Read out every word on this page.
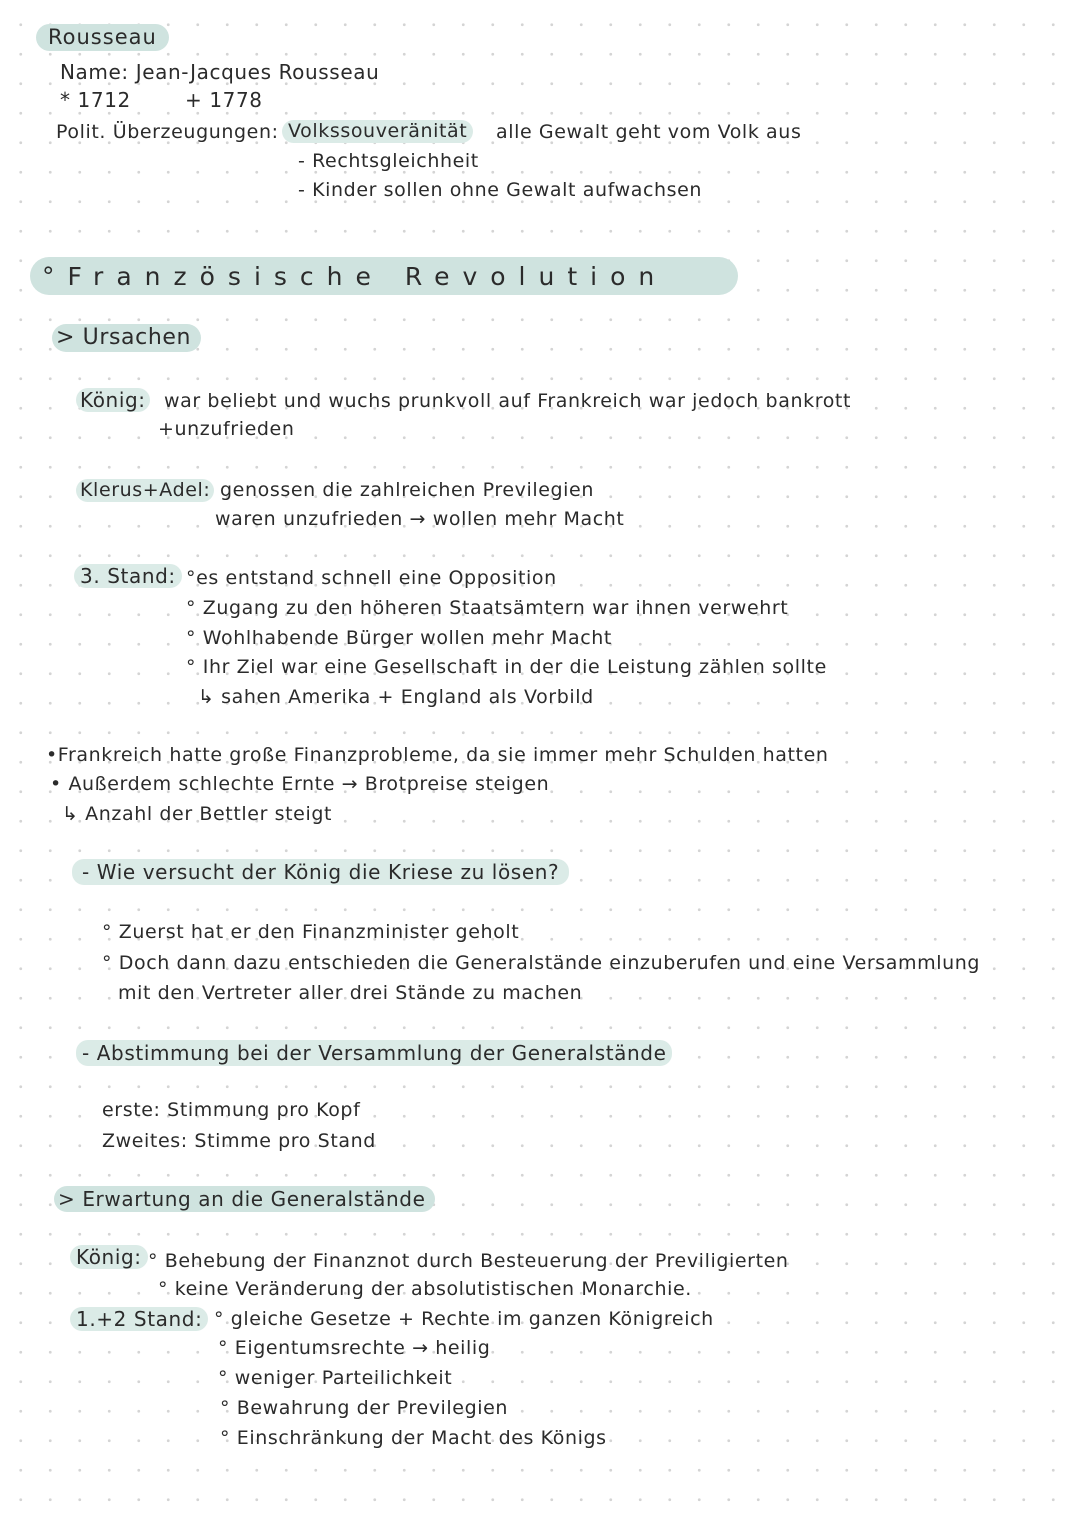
Rousseau
Name: Jean-Jacques Rousseau
* 1712	+ 1778
Polit. Überzeugungen: Volkssouveränität	alle Gewalt geht vom Volk aus
- Rechtsgleichheit
- Kinder sollen ohne Gewalt aufwachsen
°Französische Revolution
> Ursachen
König: war beliebt und wuchs prunkvoll auf Frankreich war jedoch bankrott
+unzufrieden
Klerus+Adel: genossen die zahlreichen Previlegien
waren unzufrieden → wollen mehr Macht
3. Stand: °es entstand schnell eine Opposition
° Zugang zu den höheren Staatsämtern war ihnen verwehrt
° Wohlhabende Bürger wollen mehr Macht
° Ihr Ziel war eine Gesellschaft in der die Leistung zählen sollte
↳ sahen Amerika + England als Vorbild
•Frankreich hatte große Finanzprobleme, da sie immer mehr Schulden hatten
• Außerdem schlechte Ernte → Brotpreise steigen
↳ Anzahl der Bettler steigt
- Wie versucht der König die Kriese zu lösen?
° Zuerst hat er den Finanzminister geholt
° Doch dann dazu entschieden die Generalstände einzuberufen und eine Versammlung
mit den Vertreter aller drei Stände zu machen
- Abstimmung bei der Versammlung der Generalstände
erste: Stimmung pro Kopf
Zweites: Stimme pro Stand
> Erwartung an die Generalstände
König: ° Behebung der Finanznot durch Besteuerung der Previligierten
° keine Veränderung der absolutistischen Monarchie.
1.+2 Stand: ° gleiche Gesetze + Rechte im ganzen Königreich
° Eigentumsrechte → heilig
° weniger Parteilichkeit
° Bewahrung der Previlegien
° Einschränkung der Macht des Königs
